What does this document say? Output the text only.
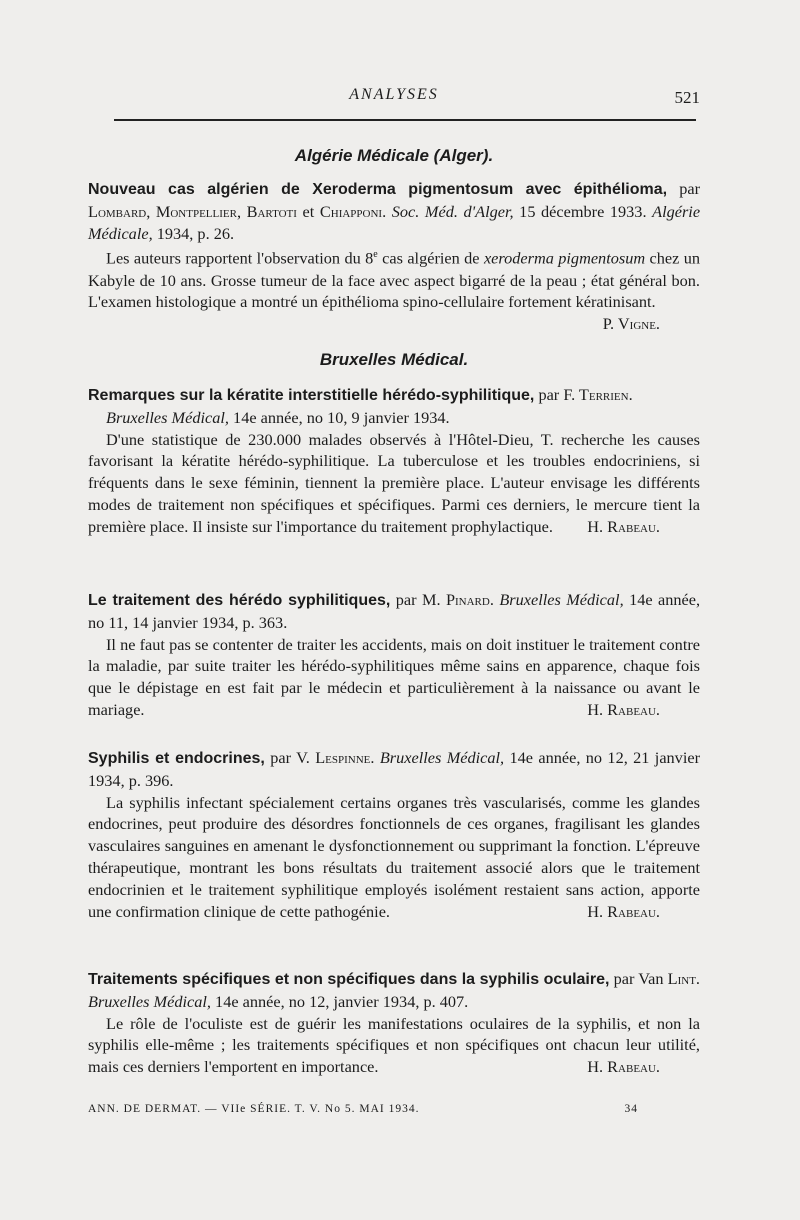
ANALYSES	521
Algérie Médicale (Alger).

Nouveau cas algérien de Xeroderma pigmentosum avec épithélioma, par Lombard, Montpellier, Bartoti et Chiapponi. Soc. Méd. d'Alger, 15 décembre 1933. Algérie Médicale, 1934, p. 26.

Les auteurs rapportent l'observation du 8e cas algérien de xeroderma pigmentosum chez un Kabyle de 10 ans. Grosse tumeur de la face avec aspect bigarré de la peau ; état général bon. L'examen histologique a montré un épithélioma spino-cellulaire fortement kératinisant.

P. Vigne.
Bruxelles Médical.

Remarques sur la kératite interstitielle hérédo-syphilitique, par F. Terrien.

Bruxelles Médical, 14e année, no 10, 9 janvier 1934.

D'une statistique de 230.000 malades observés à l'Hôtel-Dieu, T. recherche les causes favorisant la kératite hérédo-syphilitique. La tuberculose et les troubles endocriniens, si fréquents dans le sexe féminin, tiennent la première place. L'auteur envisage les différents modes de traitement non spécifiques et spécifiques. Parmi ces derniers, le mercure tient la première place. Il insiste sur l'importance du traitement prophylactique.	H. Rabeau.

Le traitement des hérédo syphilitiques, par M. Pinard. Bruxelles Médical, 14e année, no 11, 14 janvier 1934, p. 363.

Il ne faut pas se contenter de traiter les accidents, mais on doit instituer le traitement contre la maladie, par suite traiter les hérédo-syphilitiques même sains en apparence, chaque fois que le dépistage en est fait par le médecin et particulièrement à la naissance ou avant le mariage.	H. Rabeau.

Syphilis et endocrines, par V. Lespinne. Bruxelles Médical, 14e année, no 12, 21 janvier 1934, p. 396.

La syphilis infectant spécialement certains organes très vascularisés, comme les glandes endocrines, peut produire des désordres fonctionnels de ces organes, fragilisant les glandes vasculaires sanguines en amenant le dysfonctionnement ou supprimant la fonction. L'épreuve thérapeutique, montrant les bons résultats du traitement associé alors que le traitement endocrinien et le traitement syphilitique employés isolément restaient sans action, apporte une confirmation clinique de cette pathogénie.	H. Rabeau.

Traitements spécifiques et non spécifiques dans la syphilis oculaire, par Van Lint. Bruxelles Médical, 14e année, no 12, janvier 1934, p. 407.

Le rôle de l'oculiste est de guérir les manifestations oculaires de la syphilis, et non la syphilis elle-même ; les traitements spécifiques et non spécifiques ont chacun leur utilité, mais ces derniers l'emportent en importance.	H. Rabeau.
ANN. DE DERMAT. — VIIe SÉRIE. T. V. No 5. MAI 1934.	34
